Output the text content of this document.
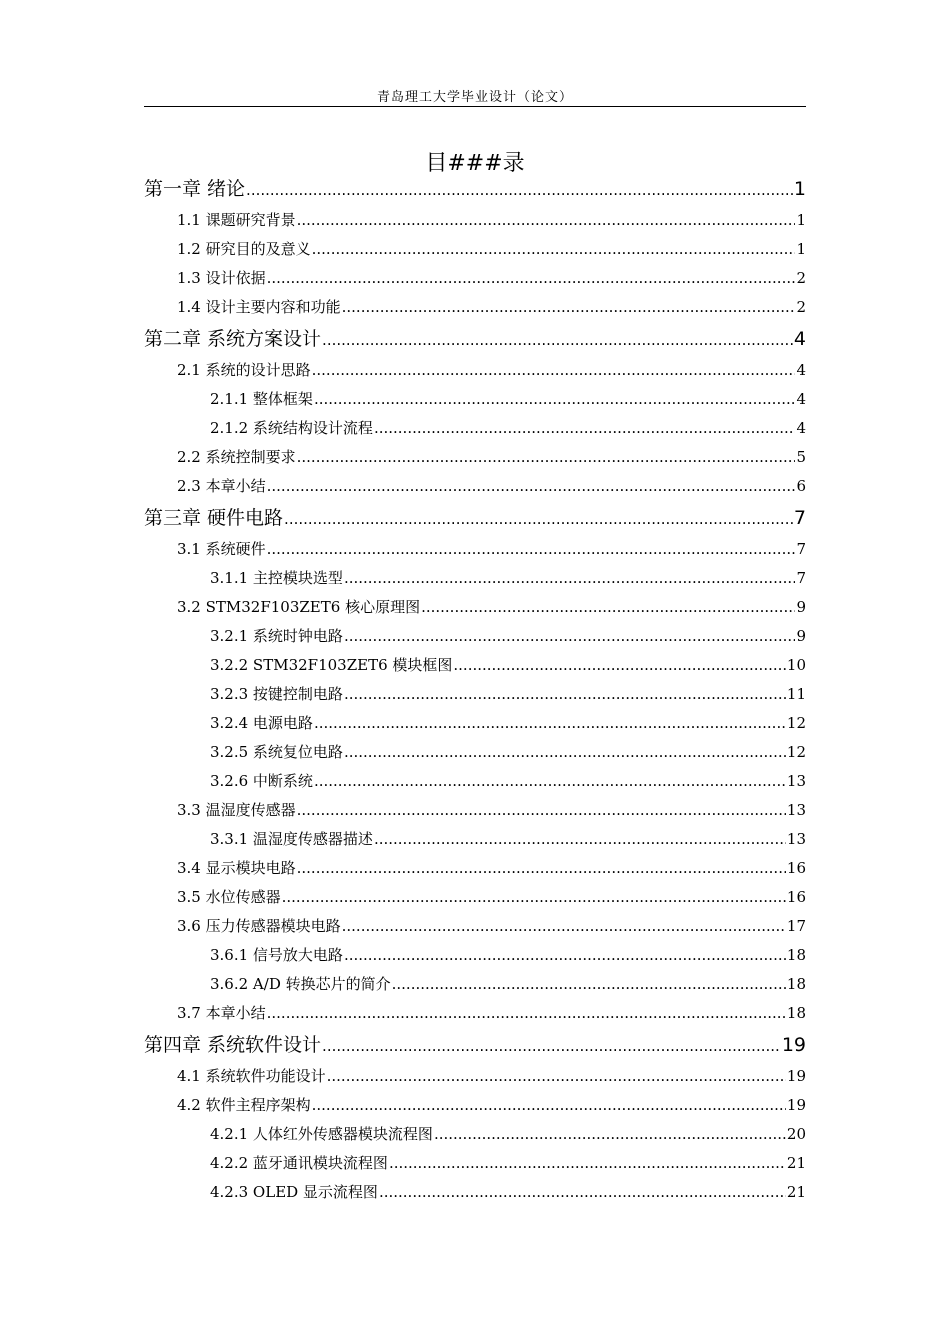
青岛理工大学毕业设计（论文）
目###录
第一章 绪论 .....	1
1.1 课题研究背景 .....	1
1.2 研究目的及意义 .....	1
1.3 设计依据 .....	2
1.4 设计主要内容和功能 .....	2
第二章 系统方案设计 .....	4
2.1 系统的设计思路 .....	4
2.1.1 整体框架 .....	4
2.1.2 系统结构设计流程 .....	4
2.2 系统控制要求 .....	5
2.3 本章小结 .....	6
第三章 硬件电路 .....	7
3.1 系统硬件 .....	7
3.1.1 主控模块选型 .....	7
3.2 STM32F103ZET6 核心原理图 .....	9
3.2.1 系统时钟电路 .....	9
3.2.2 STM32F103ZET6 模块框图 .....	10
3.2.3 按键控制电路 .....	11
3.2.4 电源电路 .....	12
3.2.5 系统复位电路 .....	12
3.2.6 中断系统 .....	13
3.3 温湿度传感器 .....	13
3.3.1 温湿度传感器描述 .....	13
3.4 显示模块电路 .....	16
3.5 水位传感器 .....	16
3.6 压力传感器模块电路 .....	17
3.6.1 信号放大电路 .....	18
3.6.2 A/D 转换芯片的简介 .....	18
3.7 本章小结 .....	18
第四章 系统软件设计 .....	19
4.1 系统软件功能设计 .....	19
4.2 软件主程序架构 .....	19
4.2.1 人体红外传感器模块流程图 .....	20
4.2.2 蓝牙通讯模块流程图 .....	21
4.2.3 OLED 显示流程图 .....	21
